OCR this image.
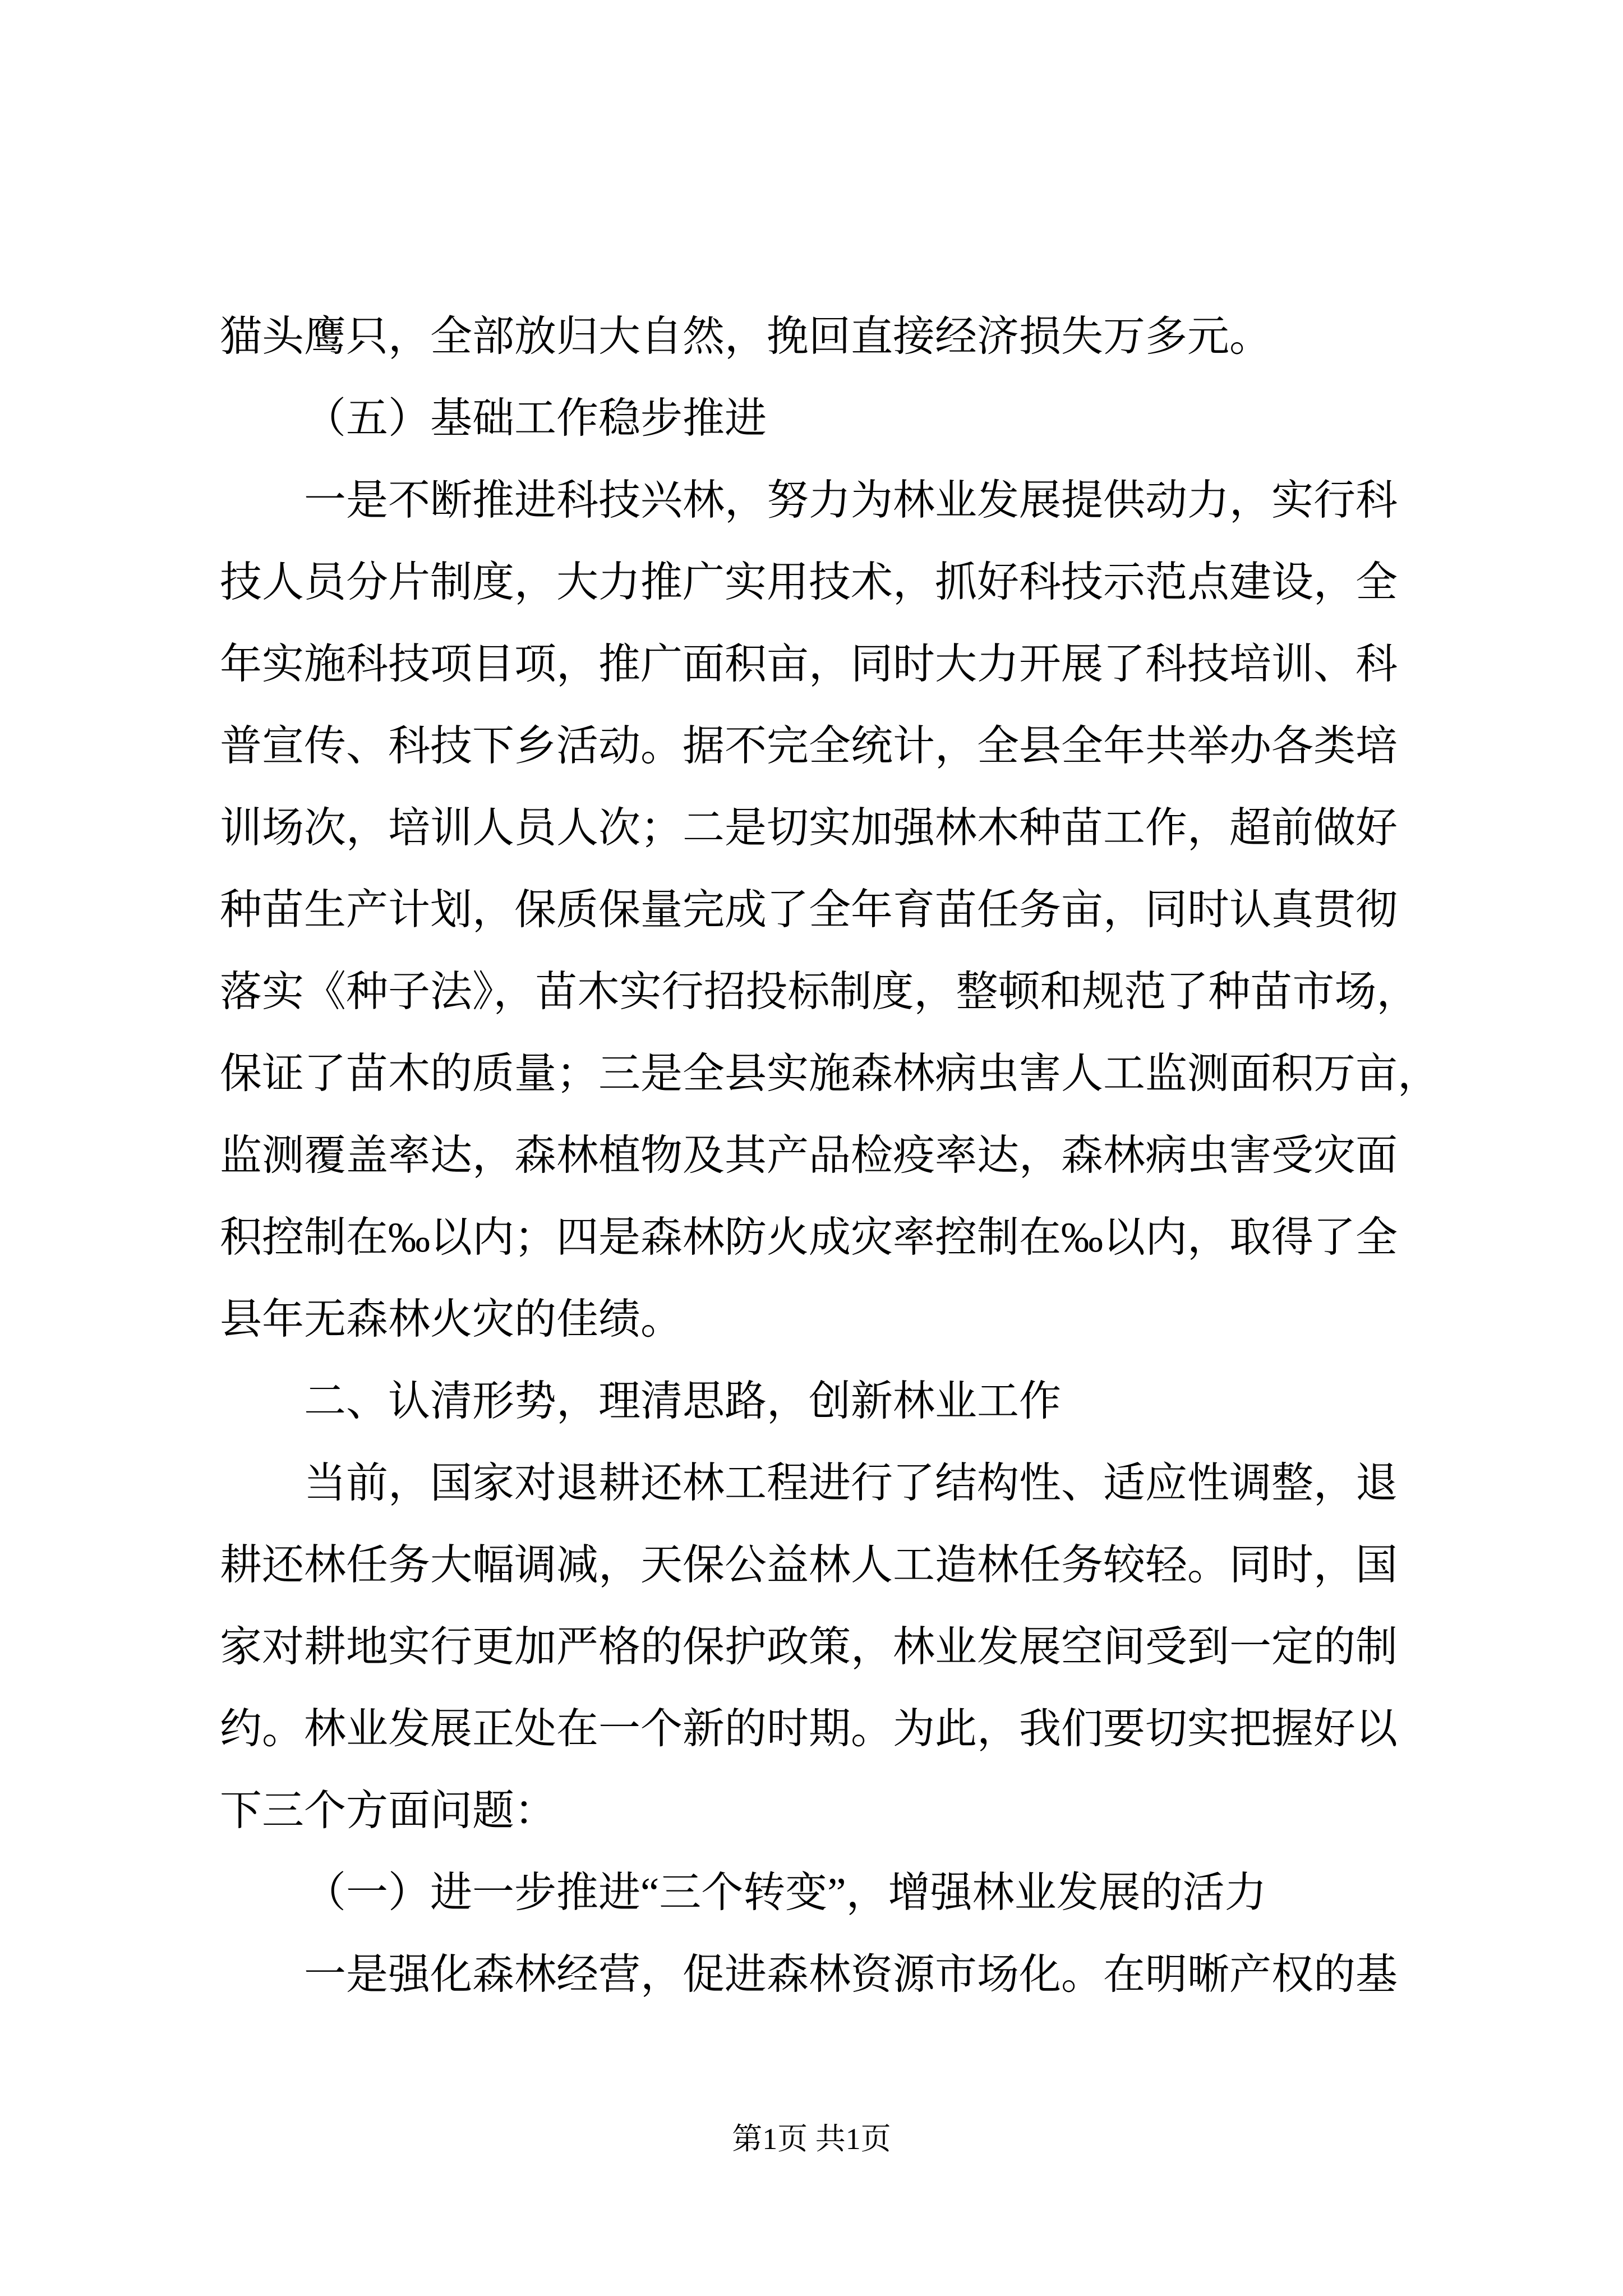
猫头鹰只，全部放归大自然，挽回直接经济损失万多元。
（五）基础工作稳步推进
一是不断推进科技兴林，努力为林业发展提供动力，实行科
技人员分片制度，大力推广实用技术，抓好科技示范点建设，全
年实施科技项目项，推广面积亩，同时大力开展了科技培训、科
普宣传、科技下乡活动。据不完全统计，全县全年共举办各类培
训场次，培训人员人次；二是切实加强林木种苗工作，超前做好
种苗生产计划，保质保量完成了全年育苗任务亩，同时认真贯彻
落实《种子法》，苗木实行招投标制度，整顿和规范了种苗市场，
保证了苗木的质量；三是全县实施森林病虫害人工监测面积万亩，
监测覆盖率达，森林植物及其产品检疫率达，森林病虫害受灾面
积控制在‰以内；四是森林防火成灾率控制在‰以内，取得了全
县年无森林火灾的佳绩。
二、认清形势，理清思路，创新林业工作
当前，国家对退耕还林工程进行了结构性、适应性调整，退
耕还林任务大幅调减，天保公益林人工造林任务较轻。同时，国
家对耕地实行更加严格的保护政策，林业发展空间受到一定的制
约。林业发展正处在一个新的时期。为此，我们要切实把握好以
下三个方面问题：
（一）进一步推进“三个转变”，增强林业发展的活力
一是强化森林经营，促进森林资源市场化。在明晰产权的基
第1页 共1页
